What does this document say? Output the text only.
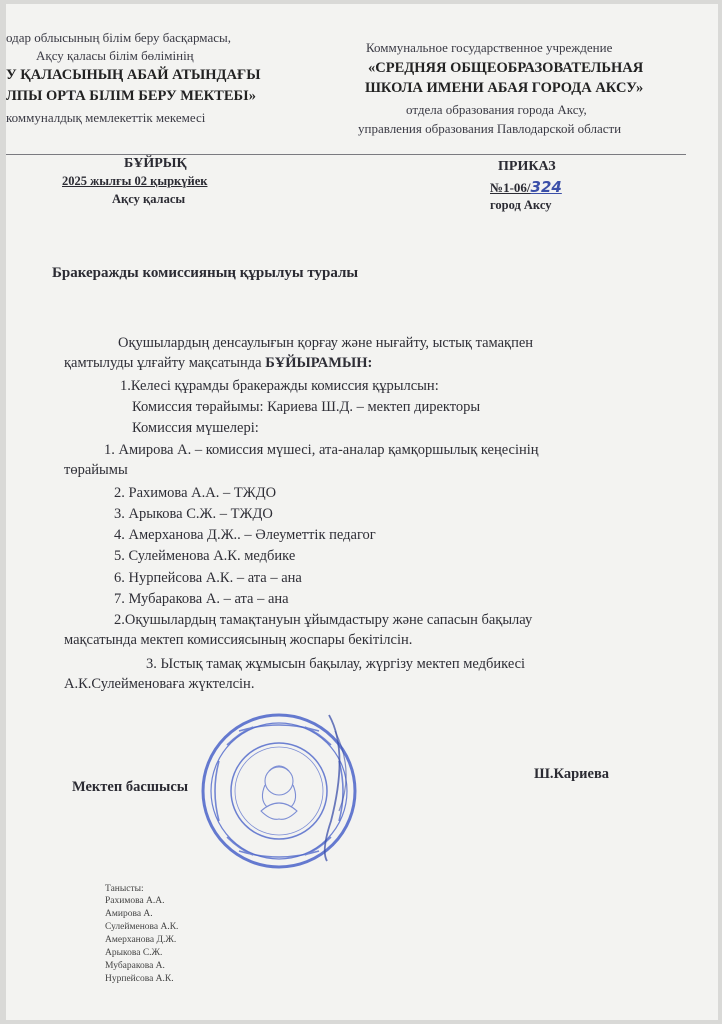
одар облысының білім беру басқармасы,
Ақсу қаласы білім бөлімінің
У ҚАЛАСЫНЫҢ АБАЙ АТЫНДАҒЫ
ЛПЫ ОРТА БІЛІМ БЕРУ МЕКТЕБІ»
коммуналдық мемлекеттік мекемесі
Коммунальное государственное учреждение
«СРЕДНЯЯ ОБЩЕОБРАЗОВАТЕЛЬНАЯ
ШКОЛА ИМЕНИ АБАЯ ГОРОДА АКСУ»
отдела образования города Аксу,
управления образования Павлодарской области
БҰЙРЫҚ
2025 жылғы 02 қыркүйек
Ақсу қаласы
ПРИКАЗ
№1-06/324
город Аксу
Бракеражды комиссияның құрылуы туралы
Оқушылардың денсаулығын қорғау және нығайту, ыстық тамақпен
қамтылуды ұлғайту мақсатында БҰЙЫРАМЫН:
1.Келесі құрамды бракеражды комиссия құрылсын:
Комиссия төрайымы: Кариева Ш.Д. – мектеп директоры
Комиссия мүшелері:
1. Амирова А. – комиссия мүшесі, ата-аналар қамқоршылық кеңесінің
төрайымы
2. Рахимова А.А. – ТЖДО
3. Арыкова С.Ж. – ТЖДО
4. Амерханова Д.Ж.. – Әлеуметтік педагог
5. Сулейменова А.К. медбике
6. Нурпейсова А.К. – ата – ана
7. Мубаракова А. – ата – ана
2.Оқушылардың тамақтануын ұйымдастыру және сапасын бақылау
мақсатында мектеп комиссиясының жоспары бекітілсін.
3. Ыстық тамақ жұмысын бақылау, жүргізу мектеп медбикесі
А.К.Сулейменоваға жүктелсін.
Мектеп басшысы
Ш.Кариева
Танысты:
Рахимова А.А.
Амирова А.
Сулейменова А.К.
Амерханова Д.Ж.
Арыкова С.Ж.
Мубаракова А.
Нурпейсова А.К.
